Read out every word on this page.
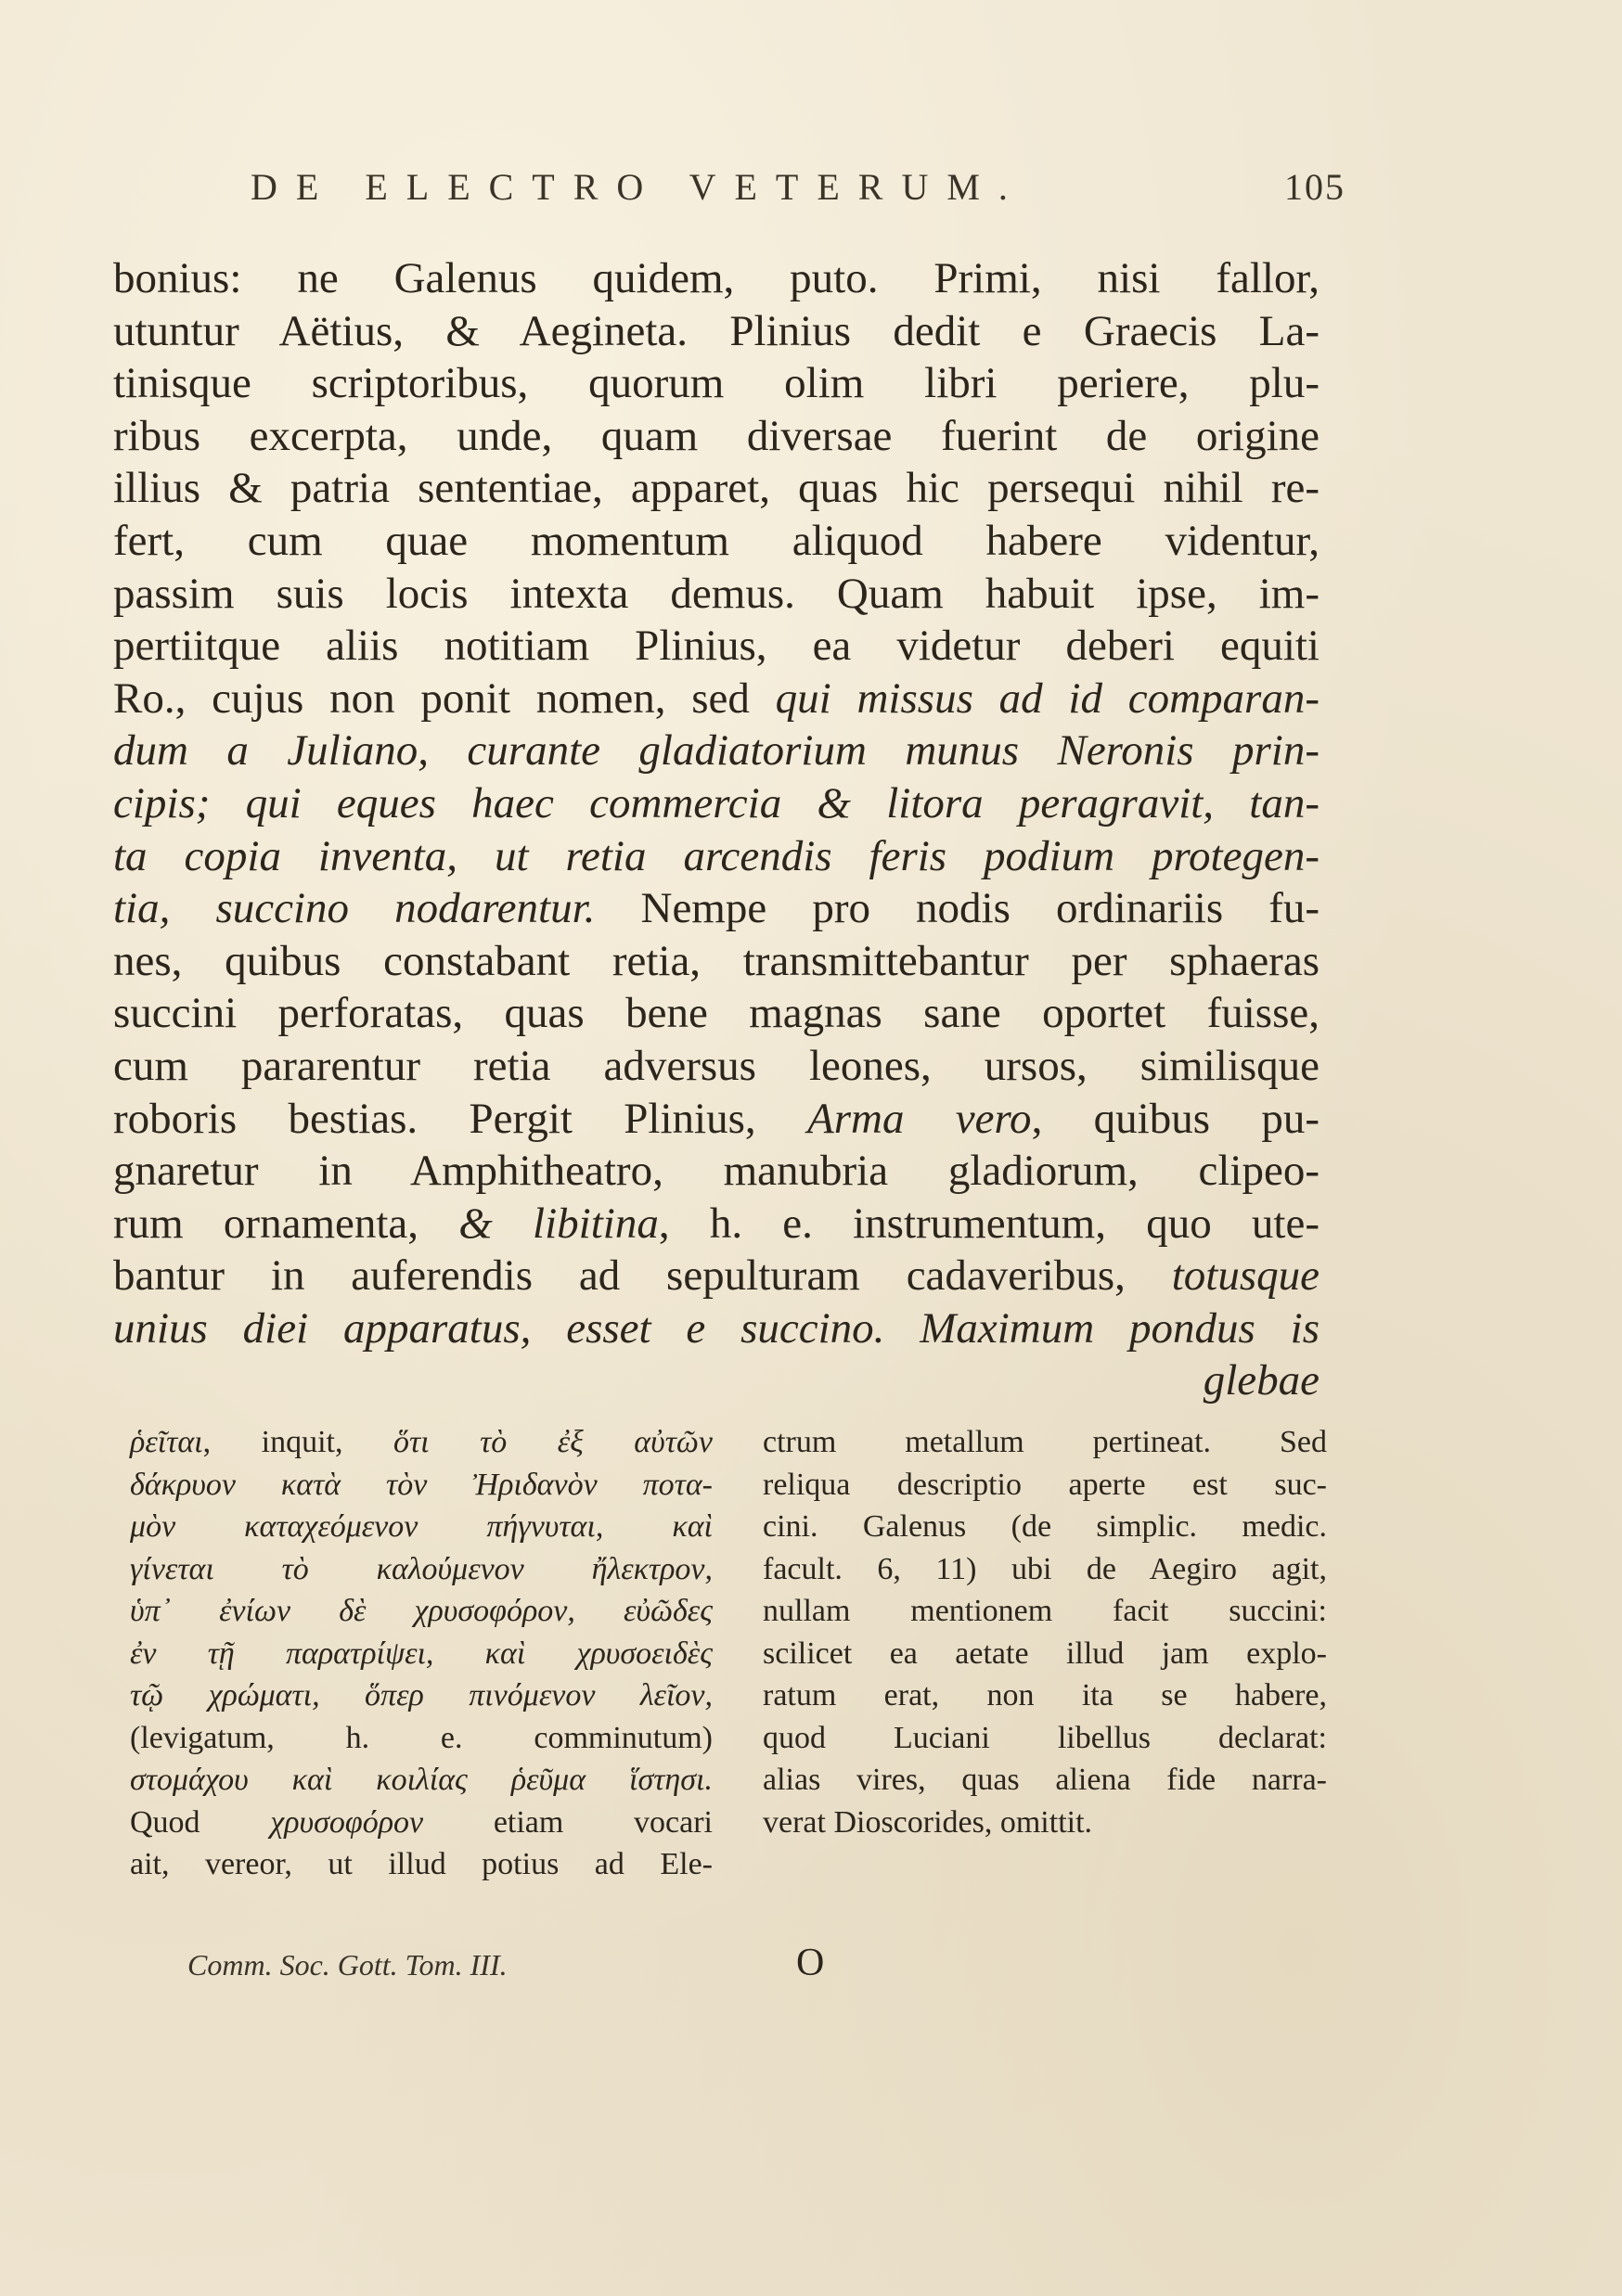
DE ELECTRO VETERUM.	105
bonius: ne Galenus quidem, puto. Primi, nisi fallor,
utuntur Aëtius, & Aegineta. Plinius dedit e Graecis La-
tinisque scriptoribus, quorum olim libri periere, plu-
ribus excerpta, unde, quam diversae fuerint de origine
illius & patria sententiae, apparet, quas hic persequi nihil re-
fert, cum quae momentum aliquod habere videntur,
passim suis locis intexta demus. Quam habuit ipse, im-
pertiitque aliis notitiam Plinius, ea videtur deberi equiti
Ro., cujus non ponit nomen, sed qui missus ad id comparan-
dum a Juliano, curante gladiatorium munus Neronis prin-
cipis; qui eques haec commercia & litora peragravit, tan-
ta copia inventa, ut retia arcendis feris podium protegen-
tia, succino nodarentur. Nempe pro nodis ordinariis fu-
nes, quibus constabant retia, transmittebantur per sphaeras
succini perforatas, quas bene magnas sane oportet fuisse,
cum pararentur retia adversus leones, ursos, similisque
roboris bestias. Pergit Plinius, Arma vero, quibus pu-
gnaretur in Amphitheatro, manubria gladiorum, clipeo-
rum ornamenta, & libitina, h. e. instrumentum, quo ute-
bantur in auferendis ad sepulturam cadaveribus, totusque
unius diei apparatus, esset e succino. Maximum pondus is
glebae
ῥεῖται, inquit, ὅτι τὸ ἐξ αὐτῶν
δάκρυον κατὰ τὸν Ἠριδανὸν ποτα-
μὸν καταχεόμενον πήγνυται, καὶ
γίνεται τὸ καλούμενον ἤλεκτρον,
ὑπ᾽ ἐνίων δὲ χρυσοφόρον, εὐῶδες
ἐν τῇ παρατρίψει, καὶ χρυσοειδὲς
τῷ χρώματι, ὅπερ πινόμενον λεῖον,
(levigatum, h. e. comminutum)
στομάχου καὶ κοιλίας ῥεῦμα ἵστησι.
Quod χρυσοφόρον etiam vocari
ait, vereor, ut illud potius ad Ele-
ctrum metallum pertineat. Sed
reliqua descriptio aperte est suc-
cini. Galenus (de simplic. medic.
facult. 6, 11) ubi de Aegiro agit,
nullam mentionem facit succini:
scilicet ea aetate illud jam explo-
ratum erat, non ita se habere,
quod Luciani libellus declarat:
alias vires, quas aliena fide narra-
verat Dioscorides, omittit.
Comm. Soc. Gott. Tom. III.	O
